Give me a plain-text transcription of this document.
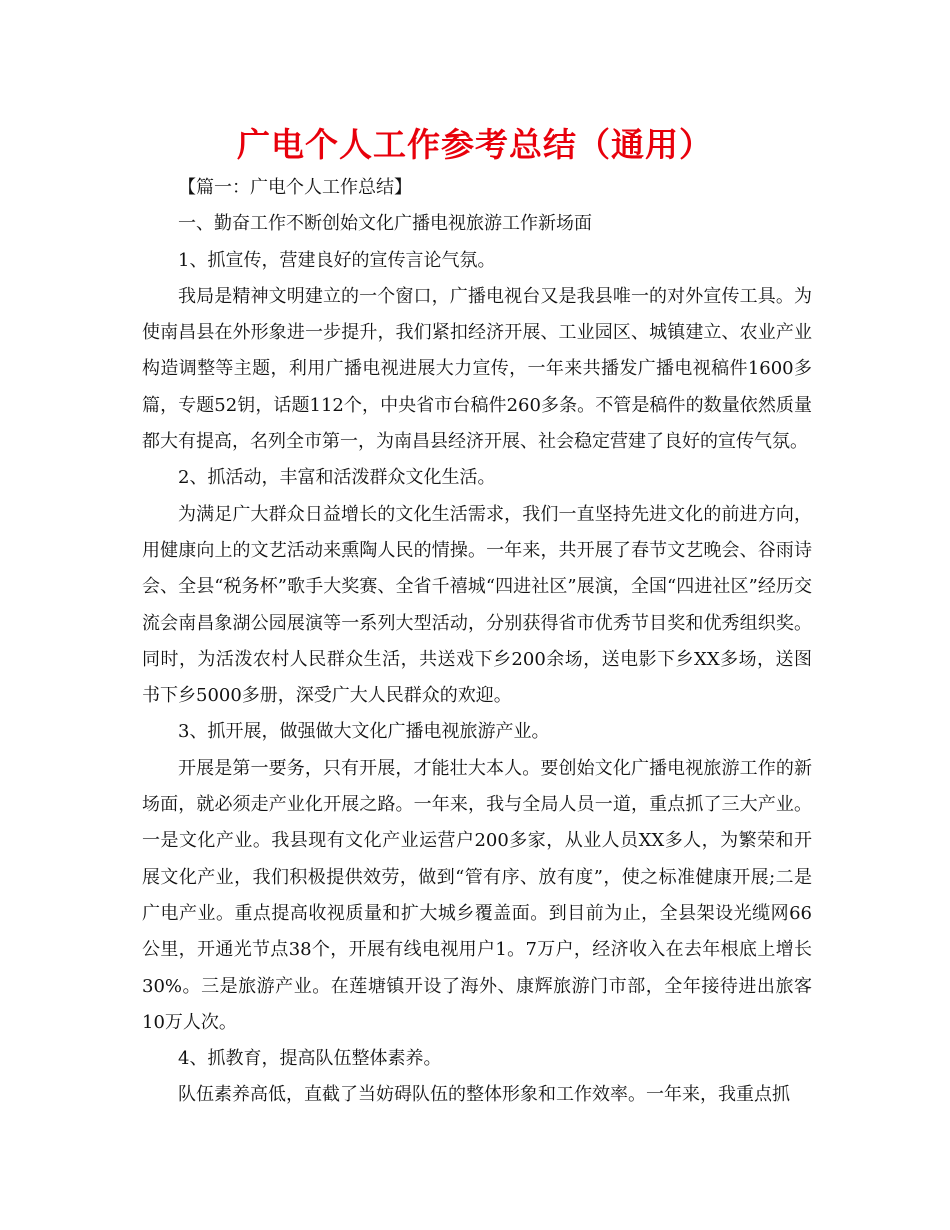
广电个人工作参考总结（通用）

【篇一：广电个人工作总结】

一、勤奋工作不断创始文化广播电视旅游工作新场面

1、抓宣传，营建良好的宣传言论气氛。

我局是精神文明建立的一个窗口，广播电视台又是我县唯一的对外宣传工具。为使南昌县在外形象进一步提升，我们紧扣经济开展、工业园区、城镇建立、农业产业构造调整等主题，利用广播电视进展大力宣传，一年来共播发广播电视稿件1600多篇，专题52钥，话题112个，中央省市台稿件260多条。不管是稿件的数量依然质量都大有提高，名列全市第一，为南昌县经济开展、社会稳定营建了良好的宣传气氛。

2、抓活动，丰富和活泼群众文化生活。

为满足广大群众日益增长的文化生活需求，我们一直坚持先进文化的前进方向，用健康向上的文艺活动来熏陶人民的情操。一年来，共开展了春节文艺晚会、谷雨诗会、全县“税务杯”歌手大奖赛、全省千禧城“四进社区”展演，全国“四进社区”经历交流会南昌象湖公园展演等一系列大型活动，分别获得省市优秀节目奖和优秀组织奖。同时，为活泼农村人民群众生活，共送戏下乡200余场，送电影下乡XX多场，送图书下乡5000多册，深受广大人民群众的欢迎。

3、抓开展，做强做大文化广播电视旅游产业。

开展是第一要务，只有开展，才能壮大本人。要创始文化广播电视旅游工作的新场面，就必须走产业化开展之路。一年来，我与全局人员一道，重点抓了三大产业。一是文化产业。我县现有文化产业运营户200多家，从业人员XX多人，为繁荣和开展文化产业，我们积极提供效劳，做到“管有序、放有度”，使之标准健康开展;二是广电产业。重点提高收视质量和扩大城乡覆盖面。到目前为止，全县架设光缆网66公里，开通光节点38个，开展有线电视用户1。7万户，经济收入在去年根底上增长30%。三是旅游产业。在莲塘镇开设了海外、康辉旅游门市部，全年接待进出旅客10万人次。

4、抓教育，提高队伍整体素养。

队伍素养高低，直截了当妨碍队伍的整体形象和工作效率。一年来，我重点抓
